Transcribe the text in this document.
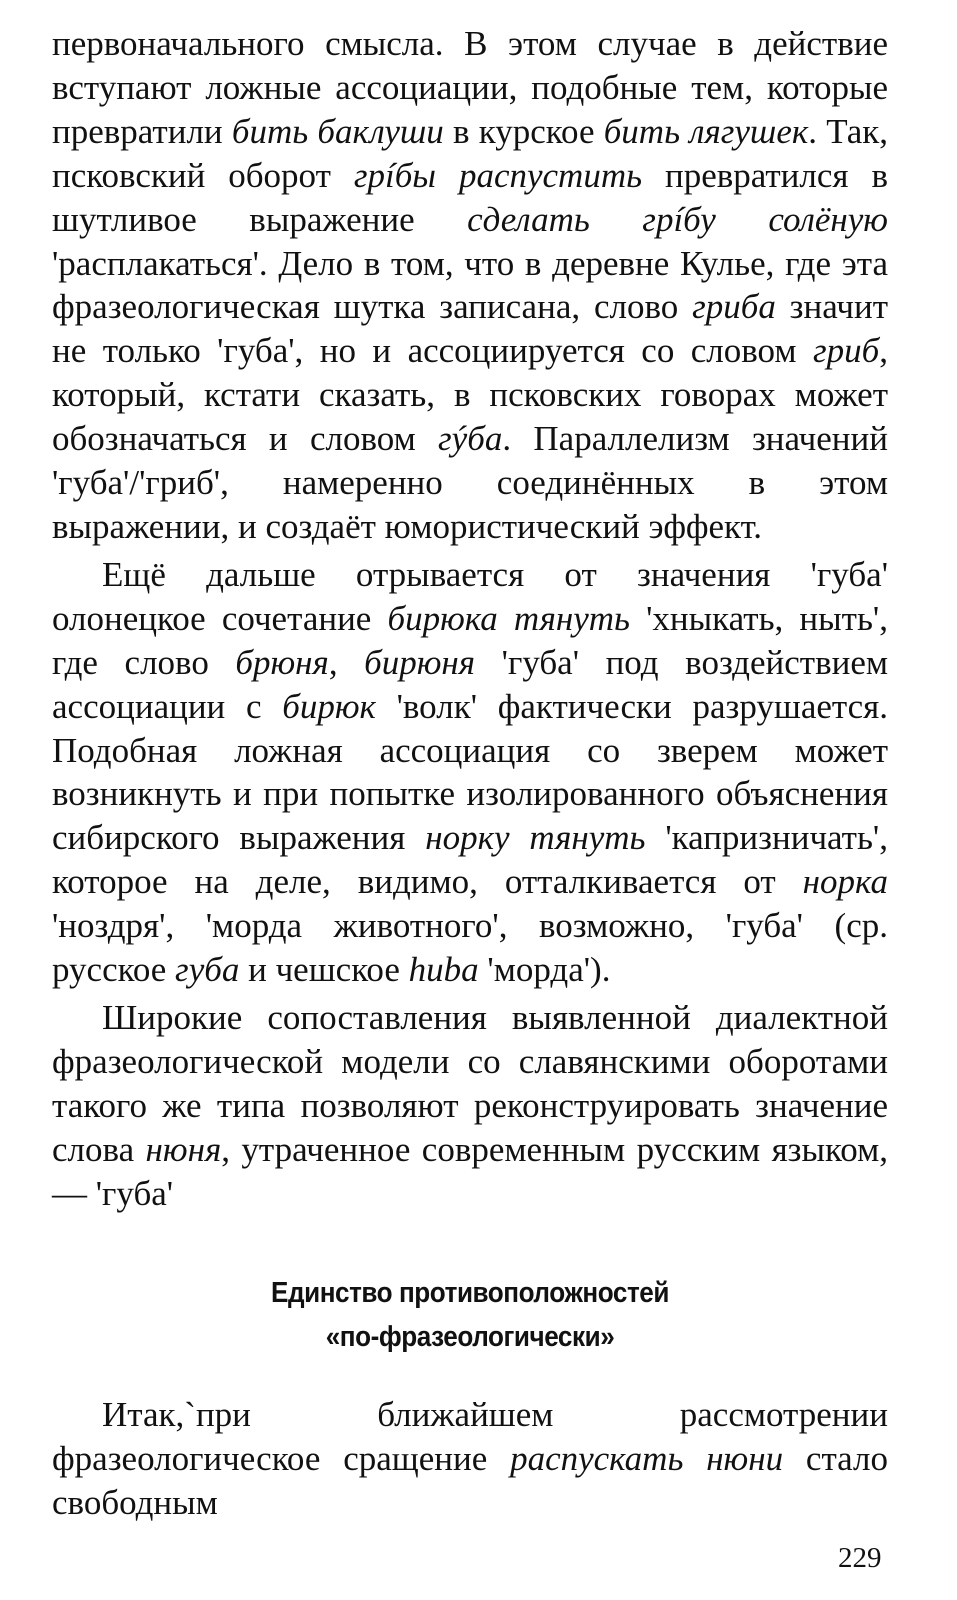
первоначального смысла. В этом случае в действие вступают ложные ассоциации, подобные тем, которые превратили бить баклуши в курское бить лягушек. Так, псковский оборот грíбы распустить превратился в шутливое выражение сделать грíбу солёную 'расплакаться'. Дело в том, что в деревне Кулье, где эта фразеологическая шутка записана, слово гриба значит не только 'губа', но и ассоциируется со словом гриб, который, кстати сказать, в псковских говорах может обозначаться и словом гýба. Параллелизм значений 'губа'/'гриб', намеренно соединённых в этом выражении, и создаёт юмористический эффект.

Ещё дальше отрывается от значения 'губа' олонецкое сочетание бирюка тянуть 'хныкать, ныть', где слово брюня, бирюня 'губа' под воздействием ассоциации с бирюк 'волк' фактически разрушается. Подобная ложная ассоциация со зверем может возникнуть и при попытке изолированного объяснения сибирского выражения норку тянуть 'капризничать', которое на деле, видимо, отталкивается от норка 'ноздря', 'морда животного', возможно, 'губа' (ср. русское губа и чешское huba 'морда').

Широкие сопоставления выявленной диалектной фразеологической модели со славянскими оборотами такого же типа позволяют реконструировать значение слова нюня, утраченное современным русским языком, — 'губа'

Единство противоположностей
«по-фразеологически»

Итак,`при ближайшем рассмотрении фразеологическое сращение распускать нюни стало свободным

229
